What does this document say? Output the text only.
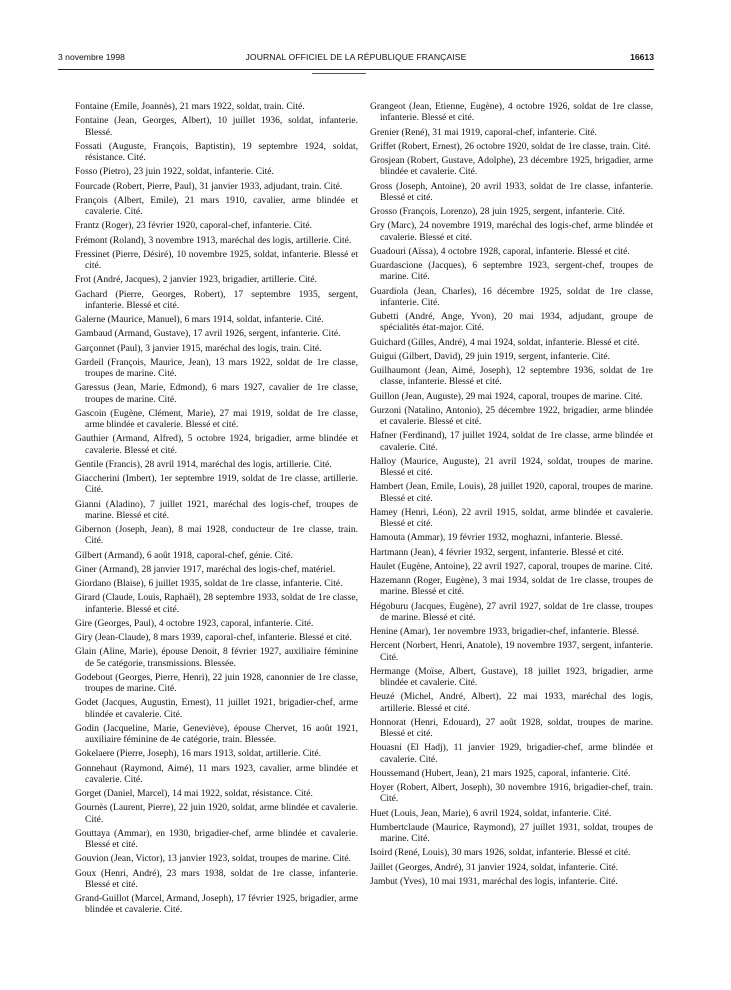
3 novembre 1998	JOURNAL OFFICIEL DE LA RÉPUBLIQUE FRANÇAISE	16613

Fontaine (Emile, Joannès), 21 mars 1922, soldat, train. Cité.

Fontaine (Jean, Georges, Albert), 10 juillet 1936, soldat, infanterie. Blessé.

Fossati (Auguste, François, Baptistin), 19 septembre 1924, soldat, résistance. Cité.

Fosso (Pietro), 23 juin 1922, soldat, infanterie. Cité.

Fourcade (Robert, Pierre, Paul), 31 janvier 1933, adjudant, train. Cité.

François (Albert, Emile), 21 mars 1910, cavalier, arme blindée et cavalerie. Cité.

Frantz (Roger), 23 février 1920, caporal-chef, infanterie. Cité.

Frémont (Roland), 3 novembre 1913, maréchal des logis, artillerie. Cité.

Fressinet (Pierre, Désiré), 10 novembre 1925, soldat, infanterie. Blessé et cité.

Frot (André, Jacques), 2 janvier 1923, brigadier, artillerie. Cité.

Gachard (Pierre, Georges, Robert), 17 septembre 1935, sergent, infanterie. Blessé et cité.

Galerne (Maurice, Manuel), 6 mars 1914, soldat, infanterie. Cité.

Gambaud (Armand, Gustave), 17 avril 1926, sergent, infanterie. Cité.

Garçonnet (Paul), 3 janvier 1915, maréchal des logis, train. Cité.

Gardeil (François, Maurice, Jean), 13 mars 1922, soldat de 1re classe, troupes de marine. Cité.

Garessus (Jean, Marie, Edmond), 6 mars 1927, cavalier de 1re classe, troupes de marine. Cité.

Gascoin (Eugène, Clément, Marie), 27 mai 1919, soldat de 1re classe, arme blindée et cavalerie. Blessé et cité.

Gauthier (Armand, Alfred), 5 octobre 1924, brigadier, arme blindée et cavalerie. Blessé et cité.

Gentile (Francis), 28 avril 1914, maréchal des logis, artillerie. Cité.

Giaccherini (Imbert), 1er septembre 1919, soldat de 1re classe, artillerie. Cité.

Gianni (Aladino), 7 juillet 1921, maréchal des logis-chef, troupes de marine. Blessé et cité.

Gibernon (Joseph, Jean), 8 mai 1928, conducteur de 1re classe, train. Cité.

Gilbert (Armand), 6 août 1918, caporal-chef, génie. Cité.

Giner (Armand), 28 janvier 1917, maréchal des logis-chef, matériel.

Giordano (Blaise), 6 juillet 1935, soldat de 1re classe, infanterie. Cité.

Girard (Claude, Louis, Raphaël), 28 septembre 1933, soldat de 1re classe, infanterie. Blessé et cité.

Gire (Georges, Paul), 4 octobre 1923, caporal, infanterie. Cité.

Giry (Jean-Claude), 8 mars 1939, caporal-chef, infanterie. Blessé et cité.

Glain (Aline, Marie), épouse Denoit, 8 février 1927, auxiliaire féminine de 5e catégorie, transmissions. Blessée.

Godebout (Georges, Pierre, Henri), 22 juin 1928, canonnier de 1re classe, troupes de marine. Cité.

Godet (Jacques, Augustin, Ernest), 11 juillet 1921, brigadier-chef, arme blindée et cavalerie. Cité.

Godin (Jacqueline, Marie, Geneviève), épouse Chervet, 16 août 1921, auxiliaire féminine de 4e catégorie, train. Blessée.

Gokelaere (Pierre, Joseph), 16 mars 1913, soldat, artillerie. Cité.

Gonnehaut (Raymond, Aimé), 11 mars 1923, cavalier, arme blindée et cavalerie. Cité.

Gorget (Daniel, Marcel), 14 mai 1922, soldat, résistance. Cité.

Gournès (Laurent, Pierre), 22 juin 1920, soldat, arme blindée et cavalerie. Cité.

Gouttaya (Ammar), en 1930, brigadier-chef, arme blindée et cavalerie. Blessé et cité.

Gouvion (Jean, Victor), 13 janvier 1923, soldat, troupes de marine. Cité.

Goux (Henri, André), 23 mars 1938, soldat de 1re classe, infanterie. Blessé et cité.

Grand-Guillot (Marcel, Armand, Joseph), 17 février 1925, brigadier, arme blindée et cavalerie. Cité.

Grangeot (Jean, Etienne, Eugène), 4 octobre 1926, soldat de 1re classe, infanterie. Blessé et cité.

Grenier (René), 31 mai 1919, caporal-chef, infanterie. Cité.

Griffet (Robert, Ernest), 26 octobre 1920, soldat de 1re classe, train. Cité.

Grosjean (Robert, Gustave, Adolphe), 23 décembre 1925, brigadier, arme blindée et cavalerie. Cité.

Gross (Joseph, Antoine), 20 avril 1933, soldat de 1re classe, infanterie. Blessé et cité.

Grosso (François, Lorenzo), 28 juin 1925, sergent, infanterie. Cité.

Gry (Marc), 24 novembre 1919, maréchal des logis-chef, arme blindée et cavalerie. Blessé et cité.

Guadouri (Aïssa), 4 octobre 1928, caporal, infanterie. Blessé et cité.

Guardascione (Jacques), 6 septembre 1923, sergent-chef, troupes de marine. Cité.

Guardiola (Jean, Charles), 16 décembre 1925, soldat de 1re classe, infanterie. Cité.

Gubetti (André, Ange, Yvon), 20 mai 1934, adjudant, groupe de spécialités état-major. Cité.

Guichard (Gilles, André), 4 mai 1924, soldat, infanterie. Blessé et cité.

Guigui (Gilbert, David), 29 juin 1919, sergent, infanterie. Cité.

Guilhaumont (Jean, Aimé, Joseph), 12 septembre 1936, soldat de 1re classe, infanterie. Blessé et cité.

Guillon (Jean, Auguste), 29 mai 1924, caporal, troupes de marine. Cité.

Gurzoni (Natalino, Antonio), 25 décembre 1922, brigadier, arme blindée et cavalerie. Blessé et cité.

Hafner (Ferdinand), 17 juillet 1924, soldat de 1re classe, arme blindée et cavalerie. Cité.

Halloy (Maurice, Auguste), 21 avril 1924, soldat, troupes de marine. Blessé et cité.

Hambert (Jean, Emile, Louis), 28 juillet 1920, caporal, troupes de marine. Blessé et cité.

Hamey (Henri, Léon), 22 avril 1915, soldat, arme blindée et cavalerie. Blessé et cité.

Hamouta (Ammar), 19 février 1932, moghazni, infanterie. Blessé.

Hartmann (Jean), 4 février 1932, sergent, infanterie. Blessé et cité.

Haulet (Eugène, Antoine), 22 avril 1927, caporal, troupes de marine. Cité.

Hazemann (Roger, Eugène), 3 mai 1934, soldat de 1re classe, troupes de marine. Blessé et cité.

Hégoburu (Jacques, Eugène), 27 avril 1927, soldat de 1re classe, troupes de marine. Blessé et cité.

Henine (Amar), 1er novembre 1933, brigadier-chef, infanterie. Blessé.

Hercent (Norbert, Henri, Anatole), 19 novembre 1937, sergent, infanterie. Cité.

Hermange (Moïse, Albert, Gustave), 18 juillet 1923, brigadier, arme blindée et cavalerie. Cité.

Heuzé (Michel, André, Albert), 22 mai 1933, maréchal des logis, artillerie. Blessé et cité.

Honnorat (Henri, Edouard), 27 août 1928, soldat, troupes de marine. Blessé et cité.

Houasni (El Hadj), 11 janvier 1929, brigadier-chef, arme blindée et cavalerie. Cité.

Houssemand (Hubert, Jean), 21 mars 1925, caporal, infanterie. Cité.

Hoyer (Robert, Albert, Joseph), 30 novembre 1916, brigadier-chef, train. Cité.

Huet (Louis, Jean, Marie), 6 avril 1924, soldat, infanterie. Cité.

Humbertclaude (Maurice, Raymond), 27 juillet 1931, soldat, troupes de marine. Cité.

Isoird (René, Louis), 30 mars 1926, soldat, infanterie. Blessé et cité.

Jaillet (Georges, André), 31 janvier 1924, soldat, infanterie. Cité.

Jambut (Yves), 10 mai 1931, maréchal des logis, infanterie. Cité.
